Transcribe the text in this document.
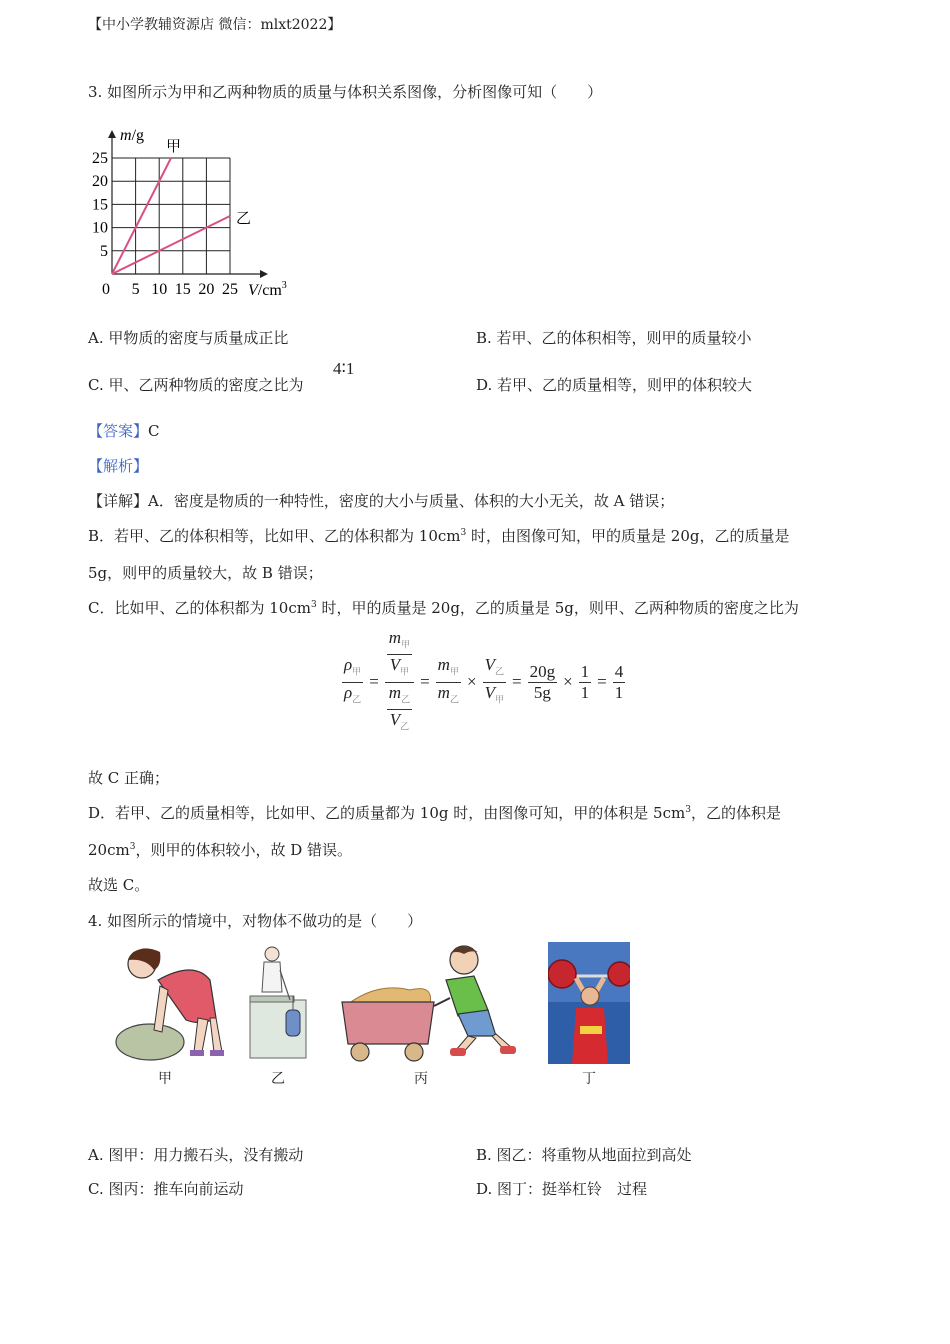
【中小学教辅资源店 微信：mlxt2022】
3. 如图所示为甲和乙两种物质的质量与体积关系图像，分析图像可知（　　）
m/g
$V/cm^3$
25
20
15
10
5
0 5 10 15 20 25
甲
乙
A. 甲物质的密度与质量成正比	B. 若甲、乙的体积相等，则甲的质量较小
C. 甲、乙两种物质的密度之比为
4∶1
D. 若甲、乙的质量相等，则甲的体积较大
【答案】C
【解析】
【详解】A．密度是物质的一种特性，密度的大小与质量、体积的大小无关，故 A 错误；
B．若甲、乙的体积相等，比如甲、乙的体积都为 $10cm^3$ 时，由图像可知，甲的质量是 20g，乙的质量是
5g，则甲的质量较大，故 B 错误；
C．比如甲、乙的体积都为 $10cm^3$ 时，甲的质量是 20g，乙的质量是 5g，则甲、乙两种物质的密度之比为
$\frac{\rho_甲}{\rho_乙} = \frac{\frac{m_甲}{V_甲}}{\frac{m_乙}{V_乙}} = \frac{m_甲}{m_乙} \times \frac{V_乙}{V_甲} = \frac{20g}{5g} \times \frac{1}{1} = \frac{4}{1}$
故 C 正确；
D．若甲、乙的质量相等，比如甲、乙的质量都为 10g 时，由图像可知，甲的体积是 $5cm^3$，乙的体积是
$20cm^3$，则甲的体积较小，故 D 错误。
故选 C。
4. 如图所示的情境中，对物体不做功的是（　　）
甲	乙	丙	丁
A. 图甲：用力搬石头，没有搬动	B. 图乙：将重物从地面拉到高处
C. 图丙：推车向前运动	D. 图丁：挺举杠铃　过程
